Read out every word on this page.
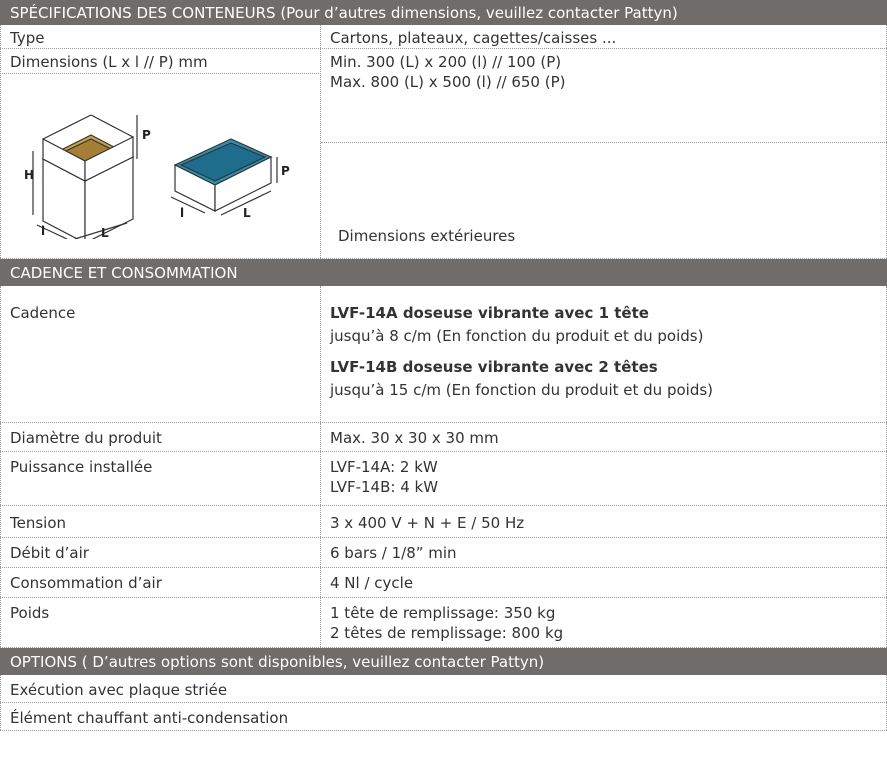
SPÉCIFICATIONS DES CONTENEURS (Pour d’autres dimensions, veuillez contacter Pattyn)
Type	Cartons, plateaux, cagettes/caisses ...
Dimensions (L x l // P) mm	Min. 300 (L) x 200 (l) // 100 (P)
Max. 800 (L) x 500 (l) // 650 (P)
H
P
l	L
P
l	L
Dimensions extérieures
CADENCE ET CONSOMMATION
Cadence	LVF-14A doseuse vibrante avec 1 tête
jusqu’à 8 c/m (En fonction du produit et du poids)
LVF-14B doseuse vibrante avec 2 têtes
jusqu’à 15 c/m (En fonction du produit et du poids)
Diamètre du produit	Max. 30 x 30 x 30 mm
Puissance installée	LVF-14A: 2 kW
LVF-14B: 4 kW
Tension	3 x 400 V + N + E / 50 Hz
Débit d’air	6 bars / 1/8” min
Consommation d’air	4 Nl / cycle
Poids	1 tête de remplissage: 350 kg
2 têtes de remplissage: 800 kg
OPTIONS ( D’autres options sont disponibles, veuillez contacter Pattyn)
Exécution avec plaque striée
Élément chauffant anti-condensation
